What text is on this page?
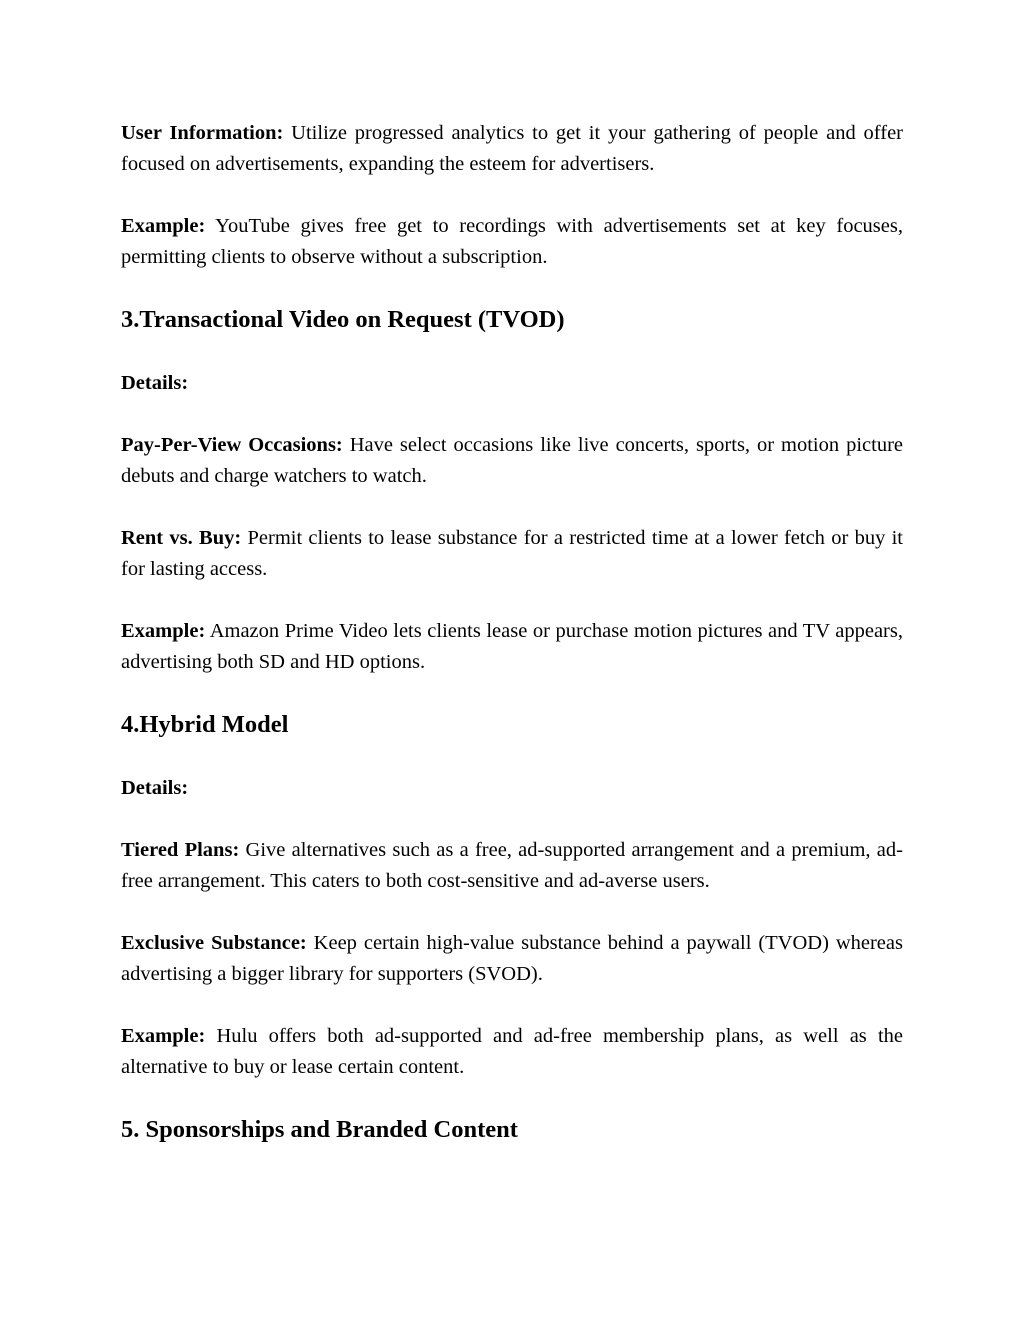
User Information: Utilize progressed analytics to get it your gathering of people and offer focused on advertisements, expanding the esteem for advertisers.

Example: YouTube gives free get to recordings with advertisements set at key focuses, permitting clients to observe without a subscription.

3.Transactional Video on Request (TVOD)
Details:

Pay-Per-View Occasions: Have select occasions like live concerts, sports, or motion picture debuts and charge watchers to watch.

Rent vs. Buy: Permit clients to lease substance for a restricted time at a lower fetch or buy it for lasting access.

Example: Amazon Prime Video lets clients lease or purchase motion pictures and TV appears, advertising both SD and HD options.

4.Hybrid Model
Details:

Tiered Plans: Give alternatives such as a free, ad-supported arrangement and a premium, ad-free arrangement. This caters to both cost-sensitive and ad-averse users.

Exclusive Substance: Keep certain high-value substance behind a paywall (TVOD) whereas advertising a bigger library for supporters (SVOD).

Example: Hulu offers both ad-supported and ad-free membership plans, as well as the alternative to buy or lease certain content.

5. Sponsorships and Branded Content
